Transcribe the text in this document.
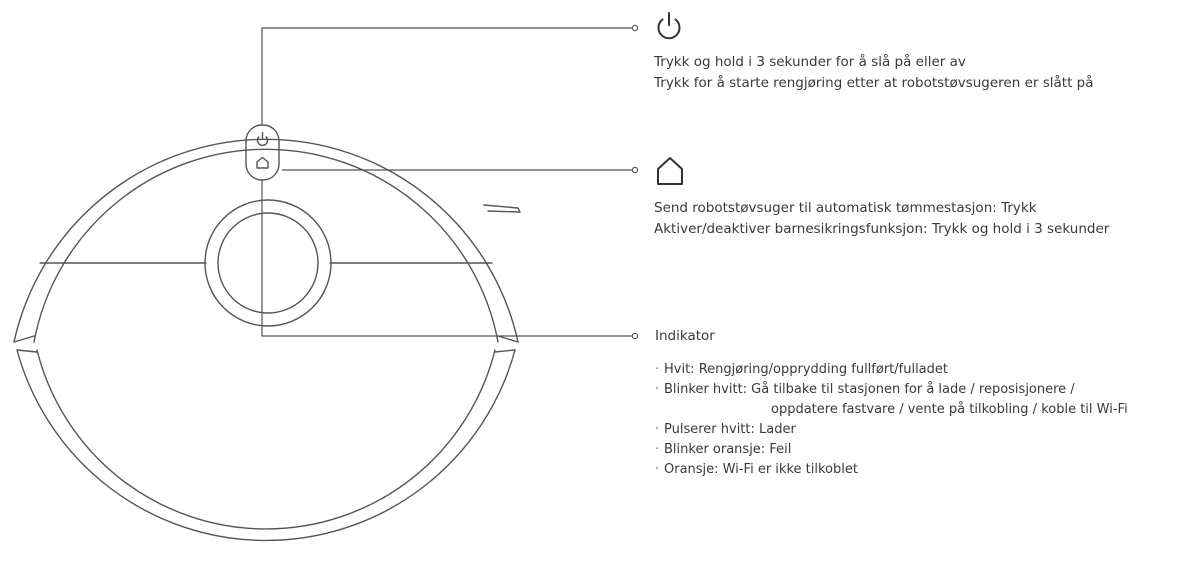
Trykk og hold i 3 sekunder for å slå på eller av
Trykk for å starte rengjøring etter at robotstøvsugeren er slått på
Send robotstøvsuger til automatisk tømmestasjon: Trykk
Aktiver/deaktiver barnesikringsfunksjon: Trykk og hold i 3 sekunder
Indikator
· Hvit: Rengjøring/opprydding fullført/fulladet
· Blinker hvitt: Gå tilbake til stasjonen for å lade / reposisjonere /
oppdatere fastvare / vente på tilkobling / koble til Wi-Fi
· Pulserer hvitt: Lader
· Blinker oransje: Feil
· Oransje: Wi-Fi er ikke tilkoblet
